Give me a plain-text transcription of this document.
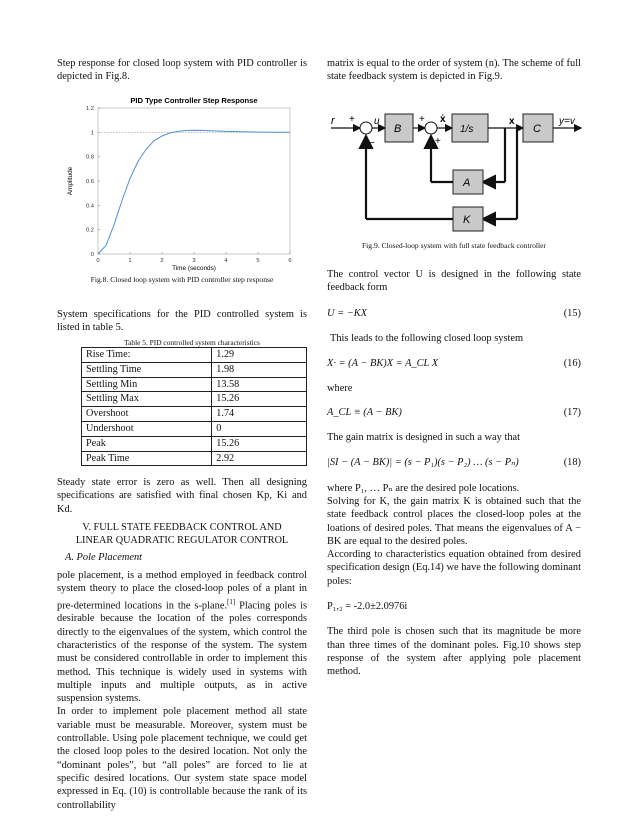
Step response for closed loop system with PID controller is depicted in Fig.8.

PID Type Controller Step Response
0	1	2	3	4	5	6
0
0.2
0.4
0.6
0.8
1
1.2
Time (seconds)
Amplitude
Fig.8. Closed loop system with PID controller step response

System specifications for the PID controlled system is listed in table 5.

Table 5. PID controlled system characteristics
Rise Time:	1.29
Settling Time	1.98
Settling Min	13.58
Settling Max	15.26
Overshoot	1.74
Undershoot	0
Peak	15.26
Peak Time	2.92

Steady state error is zero as well. Then all designing specifications are satisfied with final chosen Kp, Ki and Kd.

V. FULL STATE FEEDBACK CONTROL AND LINEAR QUADRATIC REGULATOR CONTROL
A. Pole Placement

pole placement, is a method employed in feedback control system theory to place the closed-loop poles of a plant in pre-determined locations in the s-plane.[1] Placing poles is desirable because the location of the poles corresponds directly to the eigenvalues of the system, which control the characteristics of the response of the system. The system must be considered controllable in order to implement this method. This technique is widely used in systems with multiple inputs and multiple outputs, as in active suspension systems.

In order to implement pole placement method all state variable must be measurable. Moreover, system must be controllable. Using pole placement technique, we could get the closed loop poles to the desired location. Not only the “dominant poles”, but “all poles” are forced to lie at specific desired locations. Our system state space model expressed in Eq. (10) is controllable because the rank of its controllability

matrix is equal to the order of system (n). The scheme of full state feedback system is depicted in Fig.9.

r +
−
u
B
+
+
ẋ
1/s
x
C
y=v
A
K
Fig.9. Closed-loop system with full state feedback controller

The control vector U is designed in the following state feedback form

U = −KX	(15)

This leads to the following closed loop system

X· = (A − BK)X = A_CL X	(16)

where

A_CL ≡ (A − BK)	(17)

The gain matrix is designed in such a way that

|SI − (A − BK)| = (s − P₁)(s − P₂) … (s − Pₙ)	(18)

where P₁, … Pₙ are the desired pole locations.

Solving for K, the gain matrix K is obtained such that the state feedback control places the closed-loop poles at the loations of desired poles. That means the eigenvalues of A − BK are equal to the desired poles.

According to characteristics equation obtained from desired specification design (Eq.14) we have the following dominant poles:

P₁,₂ = -2.0±2.0976i

The third pole is chosen such that its magnitude be more than three times of the dominant poles. Fig.10 shows step response of the system after applying pole placement method.
